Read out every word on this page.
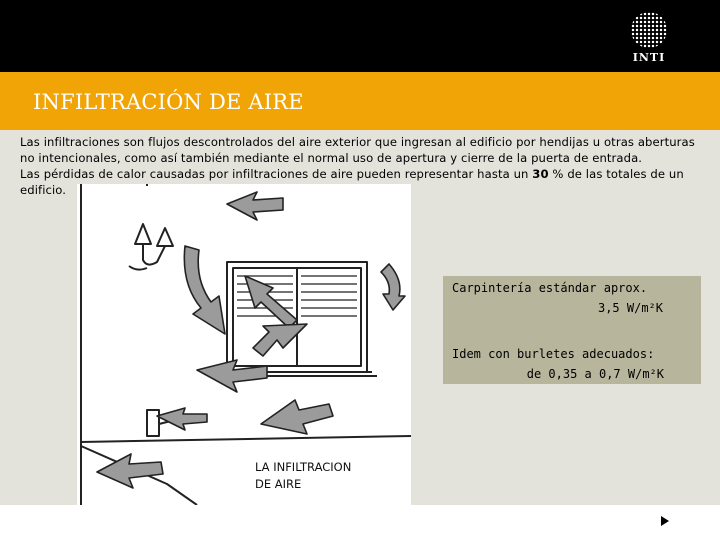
INTI
INFILTRACIÓN DE AIRE

Las infiltraciones son flujos descontrolados del aire exterior que ingresan al edificio por hendijas u otras aberturas no intencionales, como así también mediante el normal uso de apertura y cierre de la puerta de entrada.

Las pérdidas de calor causadas por infiltraciones de aire pueden representar hasta un 30 % de las totales de un edificio.

LA INFILTRACION
DE AIRE
Carpintería estándar aprox.
3,5 W/m²K
Idem con burletes adecuados:
de 0,35 a 0,7 W/m²K
